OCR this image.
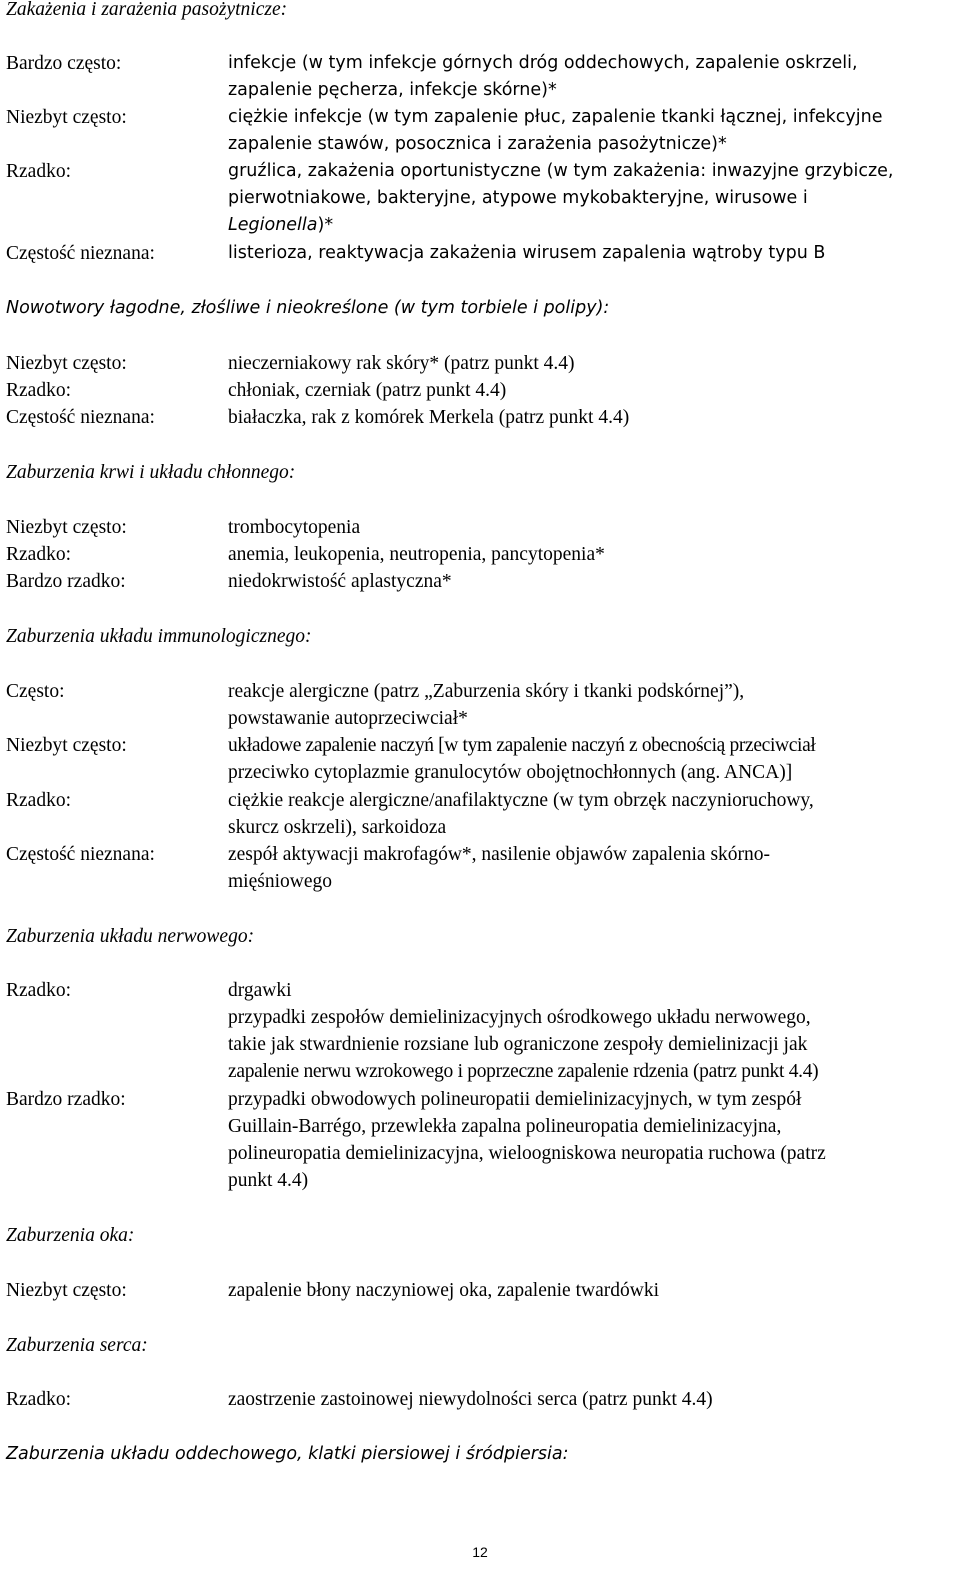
Zakażenia i zarażenia pasożytnicze:
Bardzo często:	infekcje (w tym infekcje górnych dróg oddechowych, zapalenie oskrzeli,
zapalenie pęcherza, infekcje skórne)*
Niezbyt często:	ciężkie infekcje (w tym zapalenie płuc, zapalenie tkanki łącznej, infekcyjne
zapalenie stawów, posocznica i zarażenia pasożytnicze)*
Rzadko:	gruźlica, zakażenia oportunistyczne (w tym zakażenia: inwazyjne grzybicze,
pierwotniakowe, bakteryjne, atypowe mykobakteryjne, wirusowe i
Legionella)*
Częstość nieznana:	listerioza, reaktywacja zakażenia wirusem zapalenia wątroby typu B
Nowotwory łagodne, złośliwe i nieokreślone (w tym torbiele i polipy):
Niezbyt często:	nieczerniakowy rak skóry* (patrz punkt 4.4)
Rzadko:	chłoniak, czerniak (patrz punkt 4.4)
Częstość nieznana:	białaczka, rak z komórek Merkela (patrz punkt 4.4)
Zaburzenia krwi i układu chłonnego:
Niezbyt często:	trombocytopenia
Rzadko:	anemia, leukopenia, neutropenia, pancytopenia*
Bardzo rzadko:	niedokrwistość aplastyczna*
Zaburzenia układu immunologicznego:
Często:	reakcje alergiczne (patrz „Zaburzenia skóry i tkanki podskórnej”),
powstawanie autoprzeciwciał*
Niezbyt często:	układowe zapalenie naczyń [w tym zapalenie naczyń z obecnością przeciwciał
przeciwko cytoplazmie granulocytów obojętnochłonnych (ang. ANCA)]
Rzadko:	ciężkie reakcje alergiczne/anafilaktyczne (w tym obrzęk naczynioruchowy,
skurcz oskrzeli), sarkoidoza
Częstość nieznana:	zespół aktywacji makrofagów*, nasilenie objawów zapalenia skórno-
mięśniowego
Zaburzenia układu nerwowego:
Rzadko:	drgawki
przypadki zespołów demielinizacyjnych ośrodkowego układu nerwowego,
takie jak stwardnienie rozsiane lub ograniczone zespoły demielinizacji jak
zapalenie nerwu wzrokowego i poprzeczne zapalenie rdzenia (patrz punkt 4.4)
Bardzo rzadko:	przypadki obwodowych polineuropatii demielinizacyjnych, w tym zespół
Guillain-Barrégo, przewlekła zapalna polineuropatia demielinizacyjna,
polineuropatia demielinizacyjna, wieloogniskowa neuropatia ruchowa (patrz
punkt 4.4)
Zaburzenia oka:
Niezbyt często:	zapalenie błony naczyniowej oka, zapalenie twardówki
Zaburzenia serca:
Rzadko:	zaostrzenie zastoinowej niewydolności serca (patrz punkt 4.4)
Zaburzenia układu oddechowego, klatki piersiowej i śródpiersia:
12
